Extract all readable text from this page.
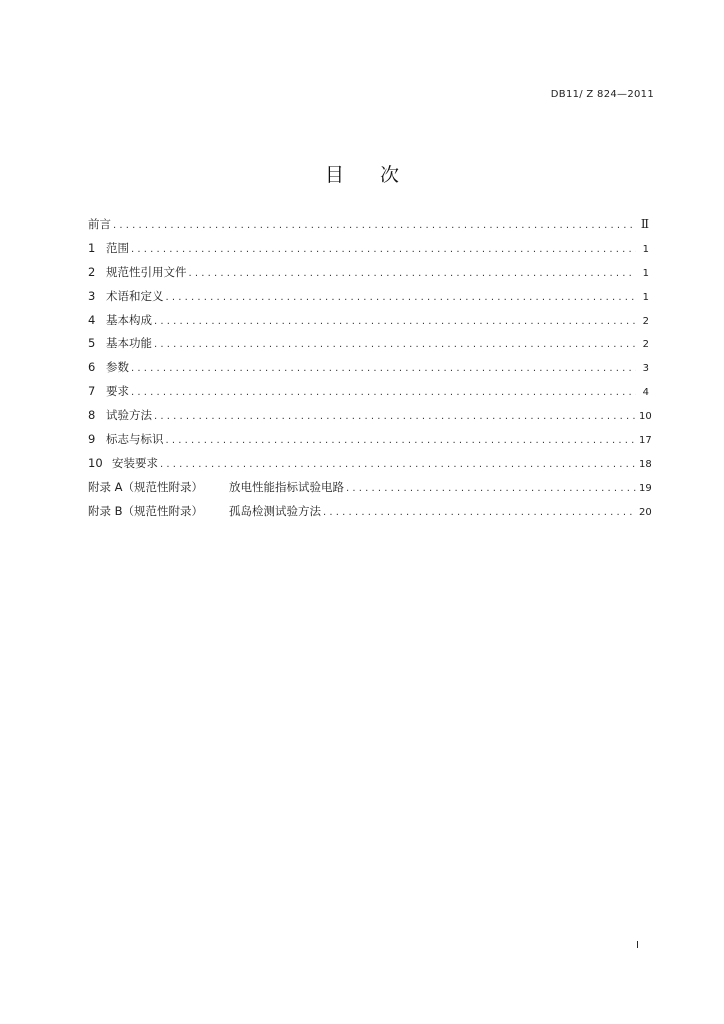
DB11/ Z 824—2011
目 次
前言 .....	Ⅱ
1 范围 .....	1
2 规范性引用文件 .....	1
3 术语和定义 .....	1
4 基本构成 .....	2
5 基本功能 .....	2
6 参数 .....	3
7 要求 .....	4
8 试验方法 .....	10
9 标志与标识 .....	17
10 安装要求 .....	18
附录 A（规范性附录）	放电性能指标试验电路 .....	19
附录 B（规范性附录）	孤岛检测试验方法 .....	20
I
